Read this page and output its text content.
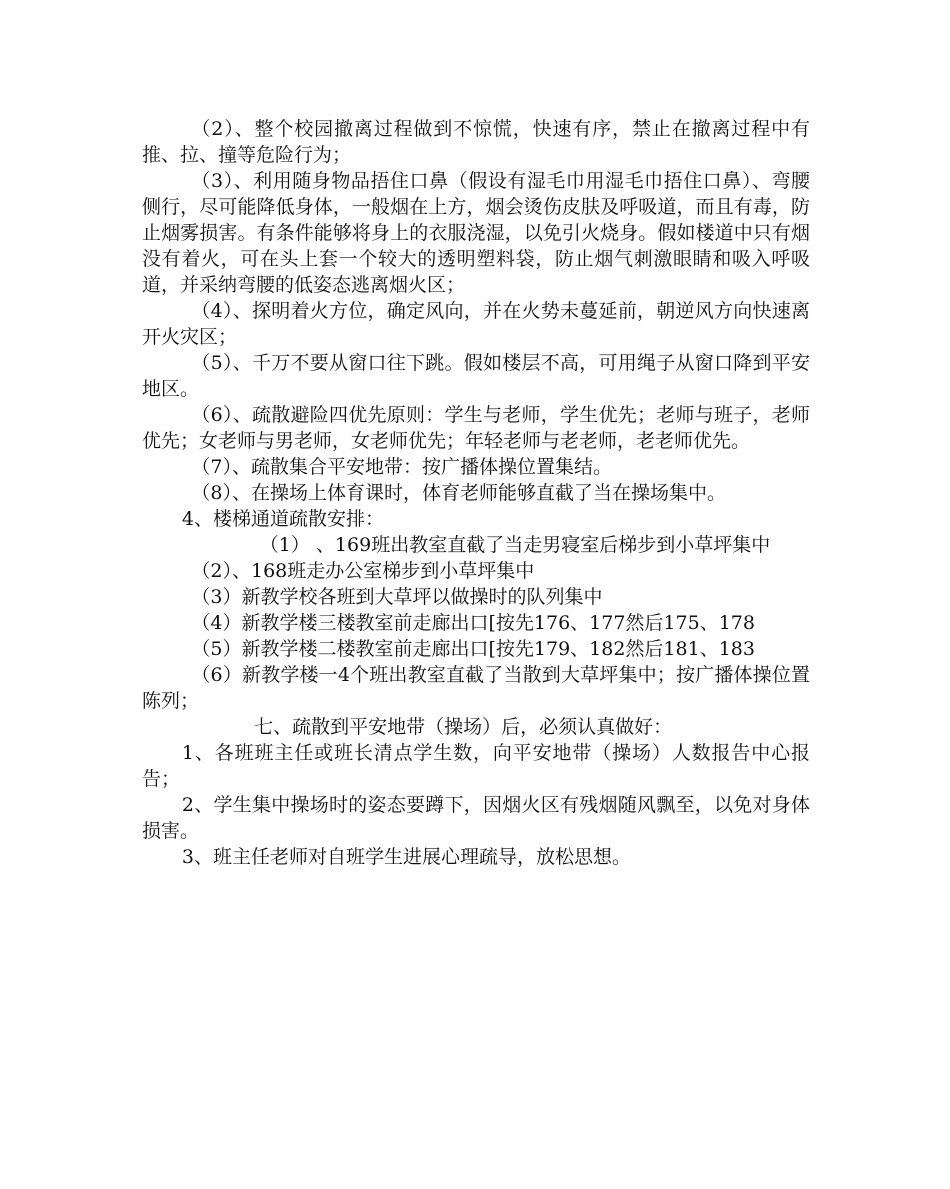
（2）、整个校园撤离过程做到不惊慌，快速有序，禁止在撤离过程中有推、拉、撞等危险行为；

（3）、利用随身物品捂住口鼻（假设有湿毛巾用湿毛巾捂住口鼻）、弯腰侧行，尽可能降低身体，一般烟在上方，烟会烫伤皮肤及呼吸道，而且有毒，防止烟雾损害。有条件能够将身上的衣服浇湿，以免引火烧身。假如楼道中只有烟没有着火，可在头上套一个较大的透明塑料袋，防止烟气刺激眼睛和吸入呼吸道，并采纳弯腰的低姿态逃离烟火区；

（4）、探明着火方位，确定风向，并在火势未蔓延前，朝逆风方向快速离开火灾区；

（5）、千万不要从窗口往下跳。假如楼层不高，可用绳子从窗口降到平安地区。

（6）、疏散避险四优先原则：学生与老师，学生优先；老师与班子，老师优先；女老师与男老师，女老师优先；年轻老师与老老师，老老师优先。

（7）、疏散集合平安地带：按广播体操位置集结。

（8）、在操场上体育课时，体育老师能够直截了当在操场集中。

4、楼梯通道疏散安排：

（1） 、169班出教室直截了当走男寝室后梯步到小草坪集中

（2）、168班走办公室梯步到小草坪集中

（3）新教学校各班到大草坪以做操时的队列集中

（4）新教学楼三楼教室前走廊出口[按先176、177然后175、178

（5）新教学楼二楼教室前走廊出口[按先179、182然后181、183

（6）新教学楼一4个班出教室直截了当散到大草坪集中；按广播体操位置陈列；

七、疏散到平安地带（操场）后，必须认真做好：

1、各班班主任或班长清点学生数，向平安地带（操场）人数报告中心报告；

2、学生集中操场时的姿态要蹲下，因烟火区有残烟随风飘至，以免对身体损害。

3、班主任老师对自班学生进展心理疏导，放松思想。
